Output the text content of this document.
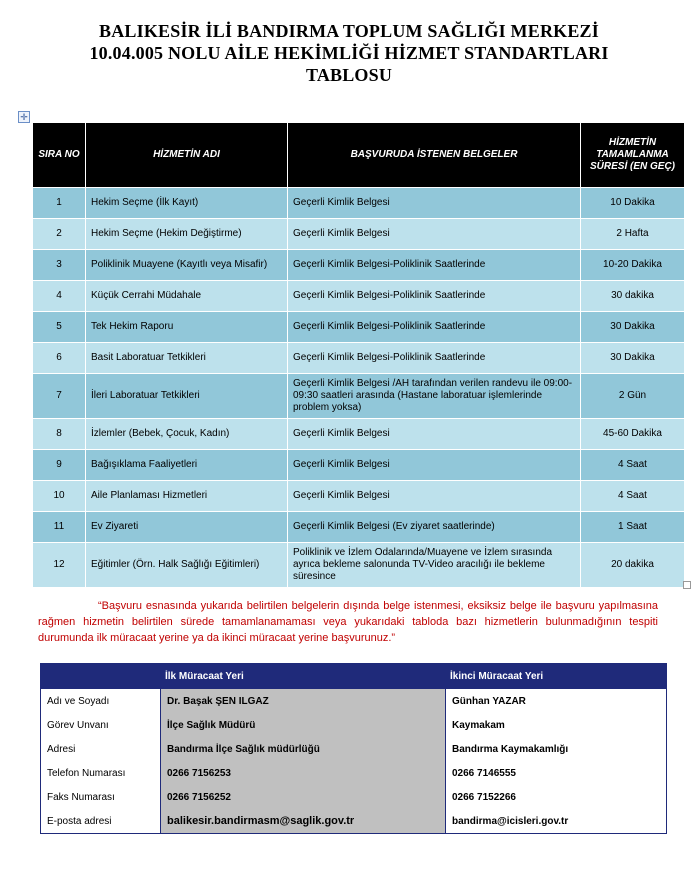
BALIKESİR İLİ BANDIRMA TOPLUM SAĞLIĞI MERKEZİ
10.04.005 NOLU AİLE HEKİMLİĞİ HİZMET STANDARTLARI
TABLOSU
✛
SIRA NO	HİZMETİN ADI	BAŞVURUDA İSTENEN BELGELER	HİZMETİN TAMAMLANMA SÜRESİ (EN GEÇ)
1	Hekim Seçme (İlk Kayıt)	Geçerli Kimlik Belgesi	10 Dakika
2	Hekim Seçme (Hekim Değiştirme)	Geçerli Kimlik Belgesi	2 Hafta
3	Poliklinik Muayene (Kayıtlı veya Misafir)	Geçerli Kimlik Belgesi-Poliklinik Saatlerinde	10-20 Dakika
4	Küçük Cerrahi Müdahale	Geçerli Kimlik Belgesi-Poliklinik Saatlerinde	30 dakika
5	Tek Hekim Raporu	Geçerli Kimlik Belgesi-Poliklinik Saatlerinde	30 Dakika
6	Basit Laboratuar Tetkikleri	Geçerli Kimlik Belgesi-Poliklinik Saatlerinde	30 Dakika
7	İleri Laboratuar Tetkikleri	Geçerli Kimlik Belgesi /AH tarafından verilen randevu ile 09:00-09:30 saatleri arasında (Hastane laboratuar işlemlerinde problem yoksa)	2 Gün
8	İzlemler (Bebek, Çocuk, Kadın)	Geçerli Kimlik Belgesi	45-60 Dakika
9	Bağışıklama Faaliyetleri	Geçerli Kimlik Belgesi	4 Saat
10	Aile Planlaması Hizmetleri	Geçerli Kimlik Belgesi	4 Saat
11	Ev Ziyareti	Geçerli Kimlik Belgesi (Ev ziyaret saatlerinde)	1 Saat
12	Eğitimler (Örn. Halk Sağlığı Eğitimleri)	Poliklinik ve İzlem Odalarında/Muayene ve İzlem sırasında ayrıca bekleme salonunda TV-Video aracılığı ile bekleme süresince	20 dakika
“Başvuru esnasında yukarıda belirtilen belgelerin dışında belge istenmesi, eksiksiz belge ile başvuru yapılmasına rağmen hizmetin belirtilen sürede tamamlanamaması veya yukarıdaki tabloda bazı hizmetlerin bulunmadığının tespiti durumunda ilk müracaat yerine ya da ikinci müracaat yerine başvurunuz.”
	İlk Müracaat Yeri	İkinci Müracaat Yeri
Adı ve Soyadı	Dr. Başak ŞEN ILGAZ	Günhan YAZAR
Görev Unvanı	İlçe Sağlık Müdürü	Kaymakam
Adresi	Bandırma İlçe Sağlık müdürlüğü	Bandırma Kaymakamlığı
Telefon Numarası	0266 7156253	0266 7146555
Faks Numarası	0266 7156252	0266 7152266
E-posta adresi	balikesir.bandirmasm@saglik.gov.tr	bandirma@icisleri.gov.tr
